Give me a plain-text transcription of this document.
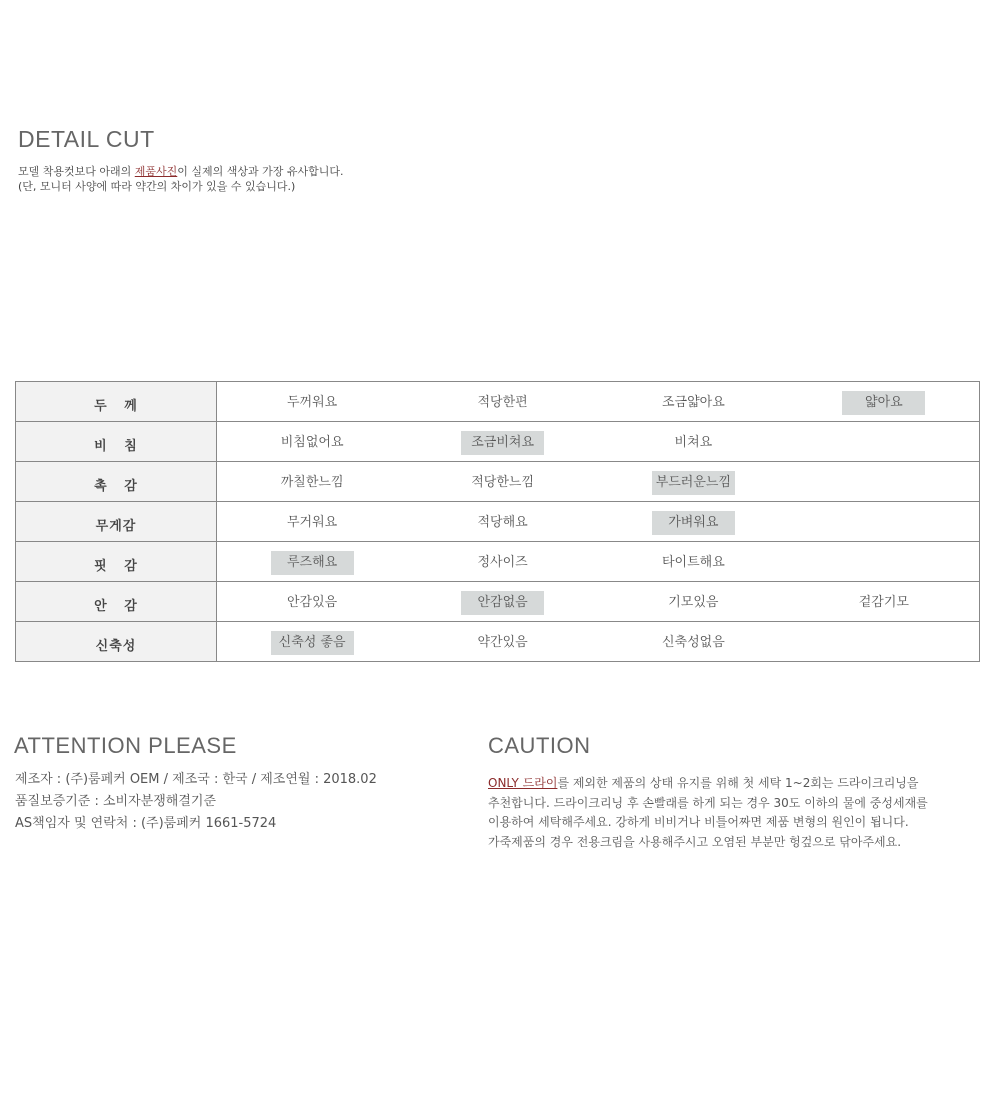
DETAIL CUT
모델 착용컷보다 아래의 제품사진이 실제의 색상과 가장 유사합니다.
(단, 모니터 사양에 따라 약간의 차이가 있을 수 있습니다.)
두   께	두꺼워요	적당한편	조금얇아요	얇아요
비   침	비침없어요	조금비쳐요	비쳐요	
촉   감	까칠한느낌	적당한느낌	부드러운느낌	
무게감	무거워요	적당해요	가벼워요	
핏   감	루즈해요	정사이즈	타이트해요	
안   감	안감있음	안감없음	기모있음	겉감기모
신축성	신축성 좋음	약간있음	신축성없음	
ATTENTION PLEASE
제조자 : (주)룸페커 OEM / 제조국 : 한국 / 제조연월 : 2018.02
품질보증기준 : 소비자분쟁해결기준
AS책임자 및 연락처 : (주)룸페커 1661-5724
CAUTION
ONLY 드라이를 제외한 제품의 상태 유지를 위해 첫 세탁 1~2회는 드라이크리닝을
추천합니다. 드라이크리닝 후 손빨래를 하게 되는 경우 30도 이하의 물에 중성세재를
이용하여 세탁해주세요. 강하게 비비거나 비틀어짜면 제품 변형의 원인이 됩니다.
가죽제품의 경우 전용크림을 사용해주시고 오염된 부분만 헝겊으로 닦아주세요.
